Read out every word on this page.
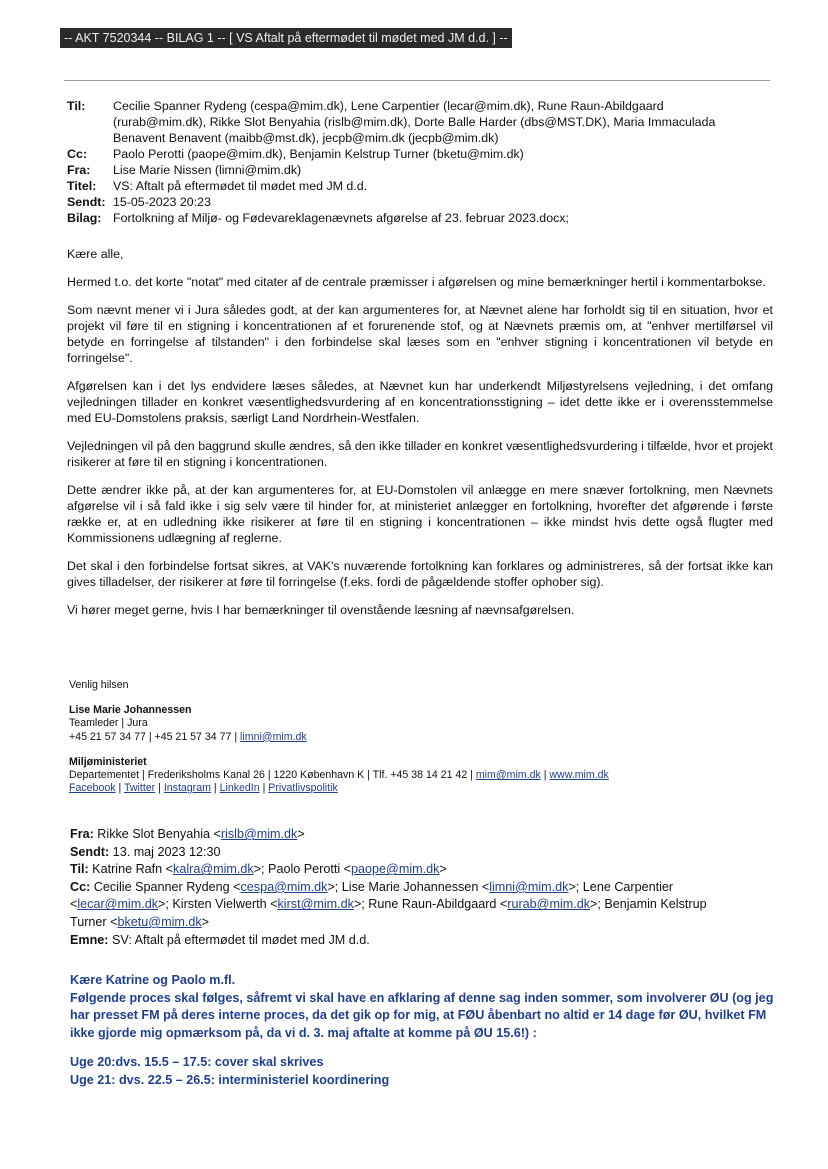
-- AKT 7520344 -- BILAG 1 -- [ VS Aftalt på eftermødet til mødet med JM d.d. ] --
Til:	Cecilie Spanner Rydeng (cespa@mim.dk), Lene Carpentier (lecar@mim.dk), Rune Raun-Abildgaard
(rurab@mim.dk), Rikke Slot Benyahia (rislb@mim.dk), Dorte Balle Harder (dbs@MST.DK), Maria Immaculada
Benavent Benavent (maibb@mst.dk), jecpb@mim.dk (jecpb@mim.dk)

Cc:	Paolo Perotti (paope@mim.dk), Benjamin Kelstrup Turner (bketu@mim.dk)
Fra:	Lise Marie Nissen (limni@mim.dk)
Titel:	VS: Aftalt på eftermødet til mødet med JM d.d.
Sendt:	15-05-2023 20:23
Bilag:	Fortolkning af Miljø- og Fødevareklagenævnets afgørelse af 23. februar 2023.docx;

Kære alle,

Hermed t.o. det korte "notat" med citater af de centrale præmisser i afgørelsen og mine bemærkninger hertil i kommentarbokse.

Som nævnt mener vi i Jura således godt, at der kan argumenteres for, at Nævnet alene har forholdt sig til en situation, hvor et projekt vil føre til en stigning i koncentrationen af et forurenende stof, og at Nævnets præmis om, at "enhver mertilførsel vil betyde en forringelse af tilstanden" i den forbindelse skal læses som en "enhver stigning i koncentrationen vil betyde en forringelse".

Afgørelsen kan i det lys endvidere læses således, at Nævnet kun har underkendt Miljøstyrelsens vejledning, i det omfang vejledningen tillader en konkret væsentlighedsvurdering af en koncentrationsstigning – idet dette ikke er i overensstemmelse med EU-Domstolens praksis, særligt Land Nordrhein-Westfalen.

Vejledningen vil på den baggrund skulle ændres, så den ikke tillader en konkret væsentlighedsvurdering i tilfælde, hvor et projekt risikerer at føre til en stigning i koncentrationen.

Dette ændrer ikke på, at der kan argumenteres for, at EU-Domstolen vil anlægge en mere snæver fortolkning, men Nævnets afgørelse vil i så fald ikke i sig selv være til hinder for, at ministeriet anlægger en fortolkning, hvorefter det afgørende i første række er, at en udledning ikke risikerer at føre til en stigning i koncentrationen – ikke mindst hvis dette også flugter med Kommissionens udlægning af reglerne.

Det skal i den forbindelse fortsat sikres, at VAK's nuværende fortolkning kan forklares og administreres, så der fortsat ikke kan gives tilladelser, der risikerer at føre til forringelse (f.eks. fordi de pågældende stoffer ophober sig).

Vi hører meget gerne, hvis I har bemærkninger til ovenstående læsning af nævnsafgørelsen.

Venlig hilsen

Lise Marie Johannessen

Teamleder | Jura

+45 21 57 34 77 | +45 21 57 34 77 | limni@mim.dk

Miljøministeriet

Departementet | Frederiksholms Kanal 26 | 1220 København K | Tlf. +45 38 14 21 42 | mim@mim.dk | www.mim.dk

Facebook | Twitter | Instagram | LinkedIn | Privatlivspolitik

Fra: Rikke Slot Benyahia <rislb@mim.dk>

Sendt: 13. maj 2023 12:30

Til: Katrine Rafn <kalra@mim.dk>; Paolo Perotti <paope@mim.dk>

Cc: Cecilie Spanner Rydeng <cespa@mim.dk>; Lise Marie Johannessen <limni@mim.dk>; Lene Carpentier

<lecar@mim.dk>; Kirsten Vielwerth <kirst@mim.dk>; Rune Raun-Abildgaard <rurab@mim.dk>; Benjamin Kelstrup

Turner <bketu@mim.dk>

Emne: SV: Aftalt på eftermødet til mødet med JM d.d.

Kære Katrine og Paolo m.fl.

Følgende proces skal følges, såfremt vi skal have en afklaring af denne sag inden sommer, som involverer ØU (og jeg

har presset FM på deres interne proces, da det gik op for mig, at FØU åbenbart no altid er 14 dage før ØU, hvilket FM

ikke gjorde mig opmærksom på, da vi d. 3. maj aftalte at komme på ØU 15.6!) :

Uge 20:dvs. 15.5 – 17.5: cover skal skrives

Uge 21: dvs. 22.5 – 26.5: interministeriel koordinering
